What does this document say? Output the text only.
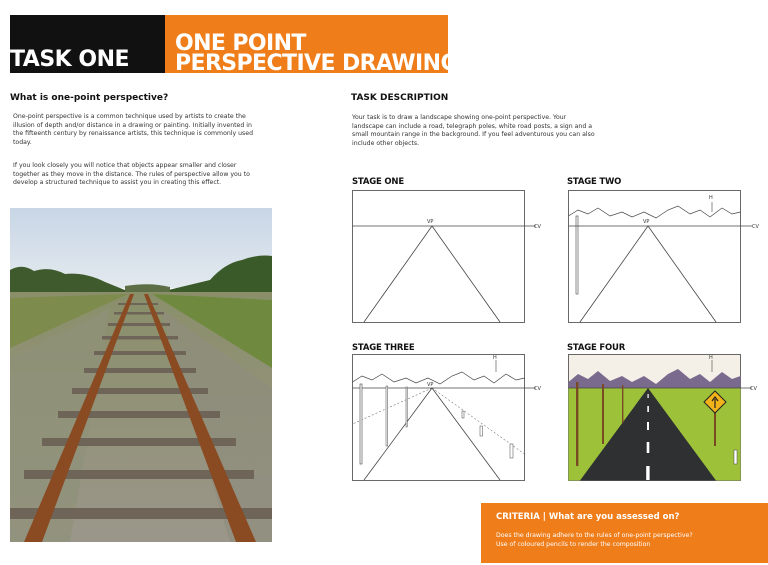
TASK ONE
ONE POINT
PERSPECTIVE DRAWING
What is one-point perspective?

One-point perspective is a common technique used by artists to create the

illusion of depth and/or distance in a drawing or painting. Initially invented in

the fifteenth century by renaissance artists, this technique is commonly used

today.

If you look closely you will notice that objects appear smaller and closer

together as they move in the distance. The rules of perspective allow you to

develop a structured technique to assist you in creating this effect.

TASK DESCRIPTION

Your task is to draw a landscape showing one-point perspective. Your

landscape can include a road, telegraph poles, white road posts, a sign and a

small mountain range in the background. If you feel adventurous you can also

include other objects.

STAGE ONE	STAGE TWO
STAGE THREE	STAGE FOUR
VP
CV
H
VP
CV
H
VP
CV
H
CV
CRITERIA | What are you assessed on?
Does the drawing adhere to the rules of one-point perspective?
Use of coloured pencils to render the composition
